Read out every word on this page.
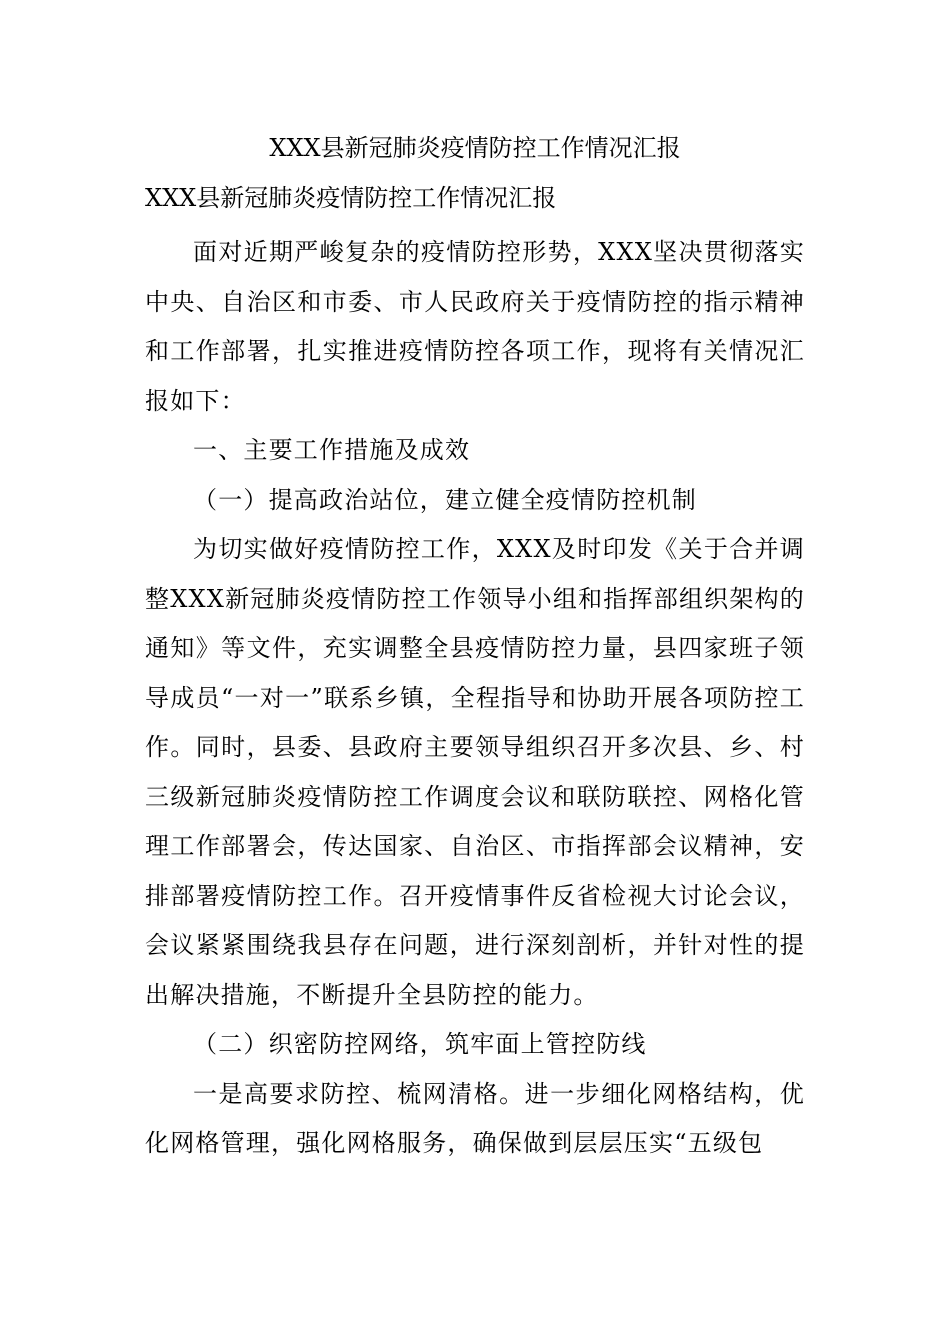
XXX县新冠肺炎疫情防控工作情况汇报
XXX县新冠肺炎疫情防控工作情况汇报

面对近期严峻复杂的疫情防控形势，XXX坚决贯彻落实中央、自治区和市委、市人民政府关于疫情防控的指示精神和工作部署，扎实推进疫情防控各项工作，现将有关情况汇报如下：

一、主要工作措施及成效

（一）提高政治站位，建立健全疫情防控机制

为切实做好疫情防控工作，XXX及时印发《关于合并调整XXX新冠肺炎疫情防控工作领导小组和指挥部组织架构的通知》等文件，充实调整全县疫情防控力量，县四家班子领导成员“一对一”联系乡镇，全程指导和协助开展各项防控工作。同时，县委、县政府主要领导组织召开多次县、乡、村三级新冠肺炎疫情防控工作调度会议和联防联控、网格化管理工作部署会，传达国家、自治区、市指挥部会议精神，安排部署疫情防控工作。召开疫情事件反省检视大讨论会议，会议紧紧围绕我县存在问题，进行深刻剖析，并针对性的提出解决措施，不断提升全县防控的能力。

（二）织密防控网络，筑牢面上管控防线

一是高要求防控、梳网清格。进一步细化网格结构，优化网格管理，强化网格服务，确保做到层层压实“五级包
